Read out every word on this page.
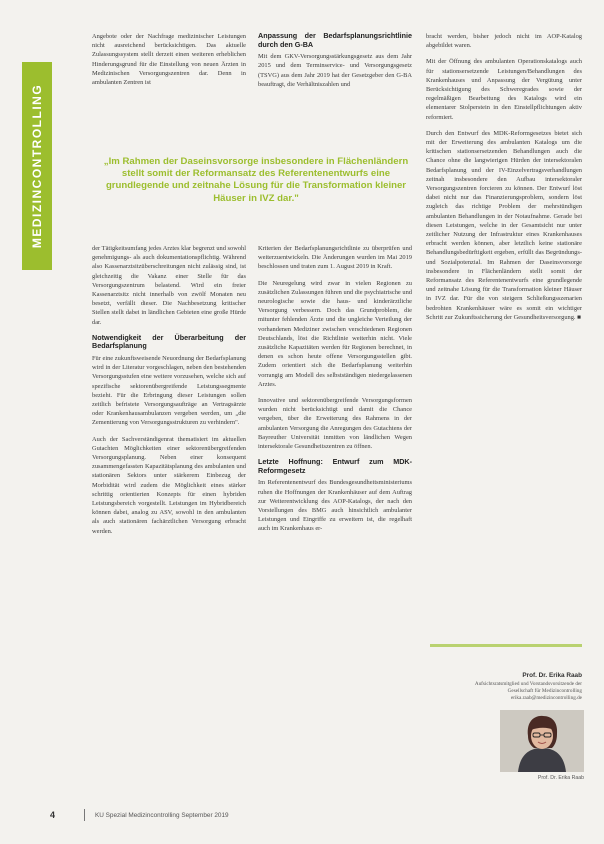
MEDIZINCONTROLLING

Angebote oder der Nachfrage medizinischer Leistungen nicht ausreichend berücksichtigen. Das aktuelle Zulassungssystem stellt derzeit einen weiteren erheblichen Hinderungsgrund für die Einstellung von neuen Ärzten in Medizinischen Versorgungszentren dar. Denn in ambulanten Zentren ist

Anpassung der Bedarfsplanungsrichtlinie durch den G-BA

Mit dem GKV-Versorgungsstärkungsgesetz aus dem Jahr 2015 und dem Terminservice- und Versorgungsgesetz (TSVG) aus dem Jahr 2019 hat der Gesetzgeber den G-BA beauftragt, die Verhältniszahlen und

„Im Rahmen der Daseinsvorsorge insbesondere in Flächenländern stellt somit der Reformansatz des Referentenentwurfs eine grundlegende und zeitnahe Lösung für die Transformation kleiner Häuser in IVZ dar."

der Tätigkeitsumfang jedes Arztes klar begrenzt und sowohl genehmigungs- als auch dokumentationspflichtig. Während also Kassenarztsitzüberschreitungen nicht zulässig sind, ist gleichzeitig die Vakanz einer Stelle für das Versorgungszentrum belastend. Wird ein freier Kassenarztsitz nicht innerhalb von zwölf Monaten neu besetzt, verfällt dieser. Die Nachbesetzung kritischer Stellen stellt dabei in ländlichen Gebieten eine große Hürde dar.

Notwendigkeit der Überarbeitung der Bedarfsplanung

Für eine zukunftsweisende Neuordnung der Bedarfsplanung wird in der Literatur vorgeschlagen, neben den bestehenden Versorgungsstufen eine weitere vorzusehen, welche sich auf spezifische sektorenübergreifende Leistungssegmente bezieht. Für die Erbringung dieser Leistungen sollen zeitlich befristete Versorgungsaufträge an Vertragsärzte oder Krankenhausambulanzen vergeben werden, um „die Zementierung von Versorgungsstrukturen zu verhindern".

Auch der Sachverständigenrat thematisiert im aktuellen Gutachten Möglichkeiten einer sektorenübergreifenden Versorgungsplanung. Neben einer konsequent zusammengefassten Kapazitätsplanung des ambulanten und stationären Sektors unter stärkerem Einbezug der Morbidität wird zudem die Möglichkeit eines stärker schrittig orientierten Konzepts für einen hybriden Leistungsbereich vorgestellt. Leistungen im Hybridbereich können dabei, analog zu ASV, sowohl in den ambulanten als auch stationären fachärztlichen Versorgung erbracht werden.

Kriterien der Bedarfsplanungsrichtlinie zu überprüfen und weiterzuentwickeln. Die Änderungen wurden im Mai 2019 beschlossen und traten zum 1. August 2019 in Kraft.

Die Neuregelung wird zwar in vielen Regionen zu zusätzlichen Zulassungen führen und die psychiatrische und neurologische sowie die haus- und kinderärztliche Versorgung verbessern. Doch das Grundproblem, die mitunter fehlenden Ärzte und die ungleiche Verteilung der vorhandenen Mediziner zwischen verschiedenen Regionen Deutschlands, löst die Richtlinie weiterhin nicht. Viele zusätzliche Kapazitäten werden für Regionen berechnet, in denen es schon heute offene Versorgungsstellen gibt. Zudem orientiert sich die Bedarfsplanung weiterhin vorrangig am Modell des selbstständigen niedergelassenen Arztes.

Innovative und sektorenübergreifende Versorgungsformen wurden nicht berücksichtigt und damit die Chance vergeben, über die Erweiterung des Rahmens in der ambulanten Versorgung die Anregungen des Gutachtens der Bayreuther Universität inmitten von ländlichen Wegen intersektorale Gesundheitszentren zu öffnen.

Letzte Hoffnung: Entwurf zum MDK-Reformgesetz

Im Referentenentwurf des Bundesgesundheitsministeriums ruhen die Hoffnungen der Krankenhäuser auf dem Auftrag zur Weiterentwicklung des AOP-Katalogs, der nach den Vorstellungen des BMG auch hinsichtlich ambulanter Leistungen und Eingriffe zu erweitern ist, die regelhaft auch im Krankenhaus er-

bracht werden, bisher jedoch nicht im AOP-Katalog abgebildet waren.

Mit der Öffnung des ambulanten Operationskatalogs auch für stationsersetzende Leistungen/Behandlungen des Krankenhauses und Anpassung der Vergütung unter Berücksichtigung des Schweregrades sowie der regelmäßigen Bearbeitung des Katalogs wird ein elementarer Stolperstein in den Einstellpflichtungen aktiv reformiert.

Durch den Entwurf des MDK-Reformgesetzes bietet sich mit der Erweiterung des ambulanten Katalogs um die kritischen stationsersetzenden Behandlungen auch die Chance ohne die langwierigen Hürden der intersektoralen Bedarfsplanung und der IV-Einzelvertragsverhandlungen zeitnah insbesondere den Aufbau intersektoraler Versorgungszentren forcieren zu können. Der Entwurf löst dabei nicht nur das Finanzierungsproblem, sondern löst zugleich das richtige Problem der mehrstündigen ambulanten Behandlungen in der Notaufnahme. Gerade bei diesen Leistungen, welche in der Gesamtsicht nur unter zeitlicher Nutzung der Infrastruktur eines Krankenhauses erbracht werden können, aber letztlich keine stationäre Behandlungsbedürftigkeit ergeben, erfüllt das Begründungs- und Sozialpotenzial. Im Rahmen der Daseinsvorsorge insbesondere in Flächenländern stellt somit der Reformansatz des Referentenentwurfs eine grundlegende und zeitnahe Lösung für die Transformation kleiner Häuser in IVZ dar. Für die von steigern Schließungsszenarien bedrohten Krankenhäuser wäre es somit ein wichtiger Schritt zur Zukunftssicherung der Gesundheitsversorgung. ■

Prof. Dr. Erika Raab
Aufsichtsratsmitglied und Vorstandsvorsitzende der
Gesellschaft für Medizincontrolling
erika.raab@medizincontrolling.de
Prof. Dr. Erika Raab
4	KU Spezial Medizincontrolling September 2019
